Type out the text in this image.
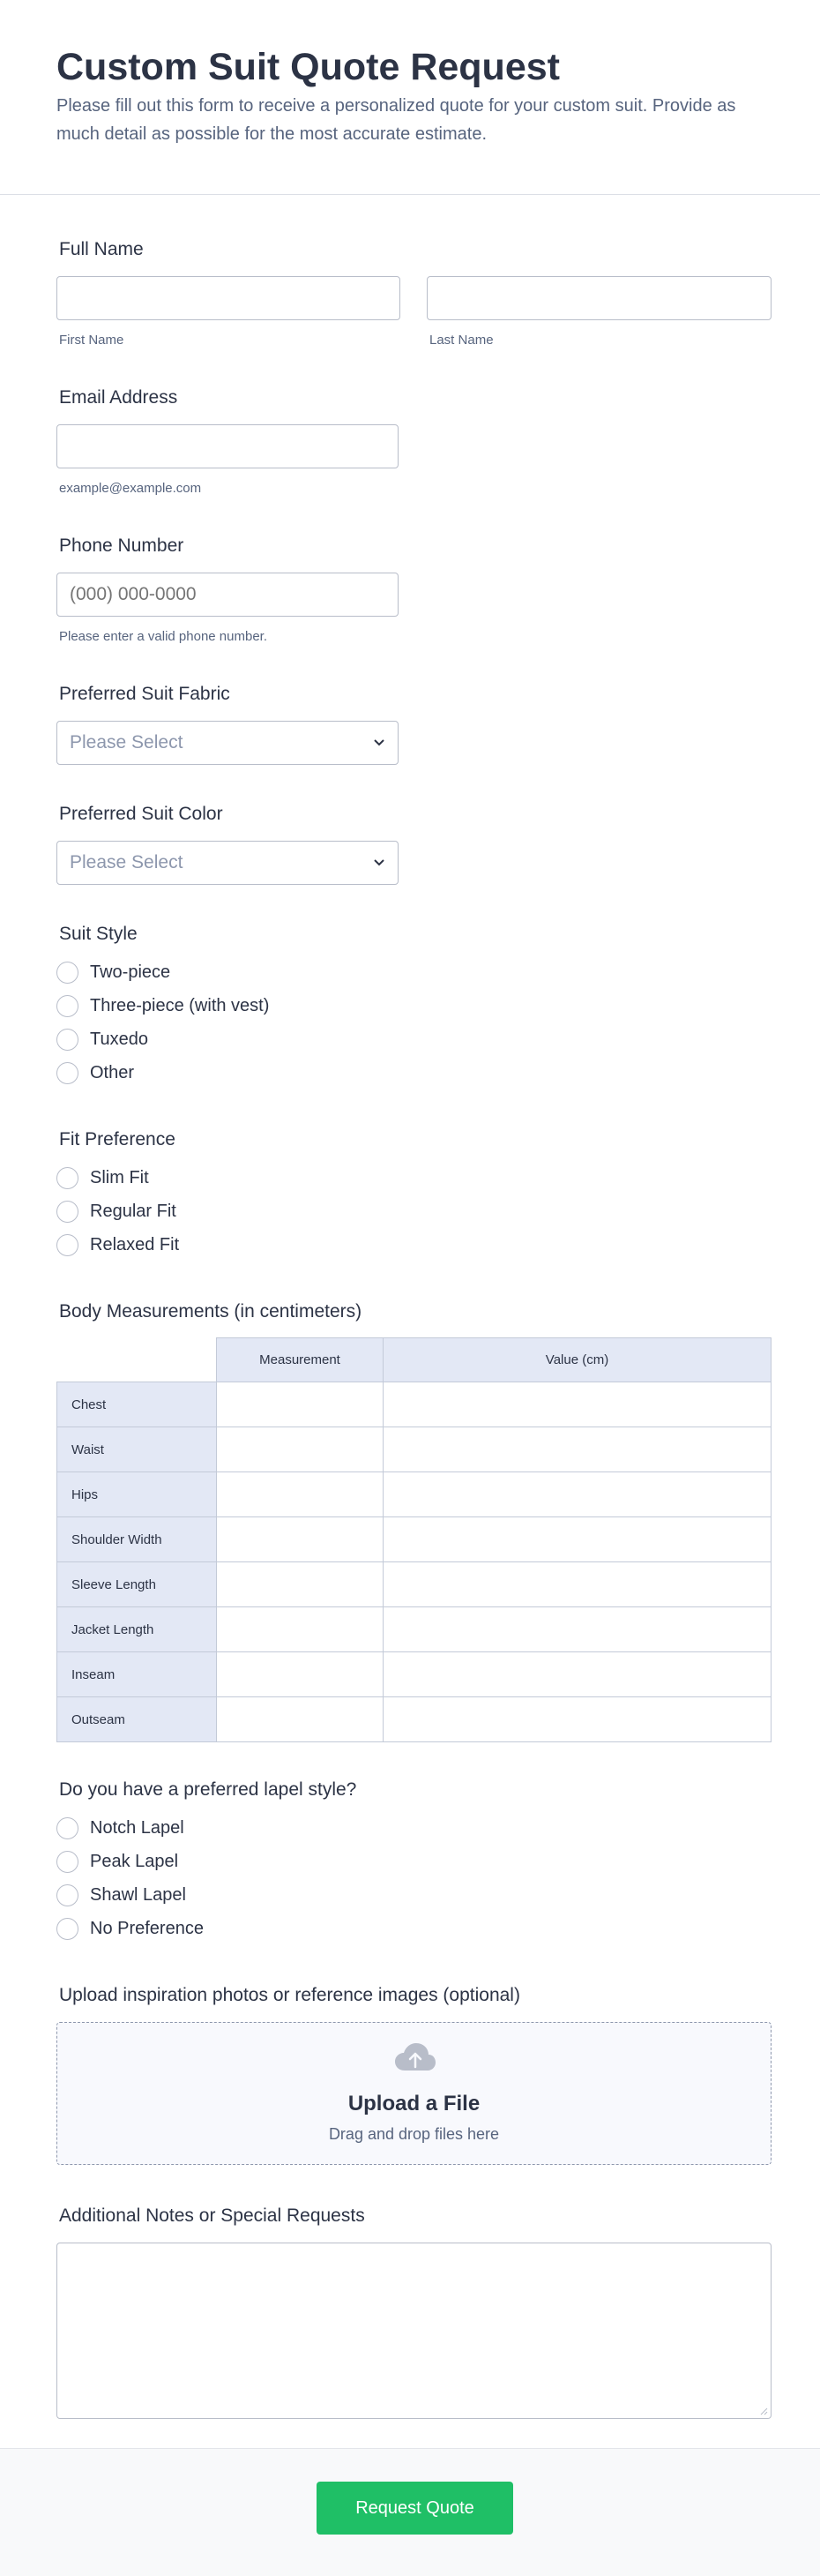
Custom Suit Quote Request

Please fill out this form to receive a personalized quote for your custom suit. Provide as much detail as possible for the most accurate estimate.

Full Name
First Name	Last Name
Email Address
example@example.com
Phone Number
(000) 000-0000
Please enter a valid phone number.
Preferred Suit Fabric
Please Select
Preferred Suit Color
Please Select
Suit Style
Two-piece
Three-piece (with vest)
Tuxedo
Other
Fit Preference
Slim Fit
Regular Fit
Relaxed Fit
Body Measurements (in centimeters)
	Measurement	Value (cm)
Chest		
Waist		
Hips		
Shoulder Width		
Sleeve Length		
Jacket Length		
Inseam		
Outseam		
Do you have a preferred lapel style?
Notch Lapel
Peak Lapel
Shawl Lapel
No Preference
Upload inspiration photos or reference images (optional)
Upload a File
Drag and drop files here
Additional Notes or Special Requests
Request Quote
